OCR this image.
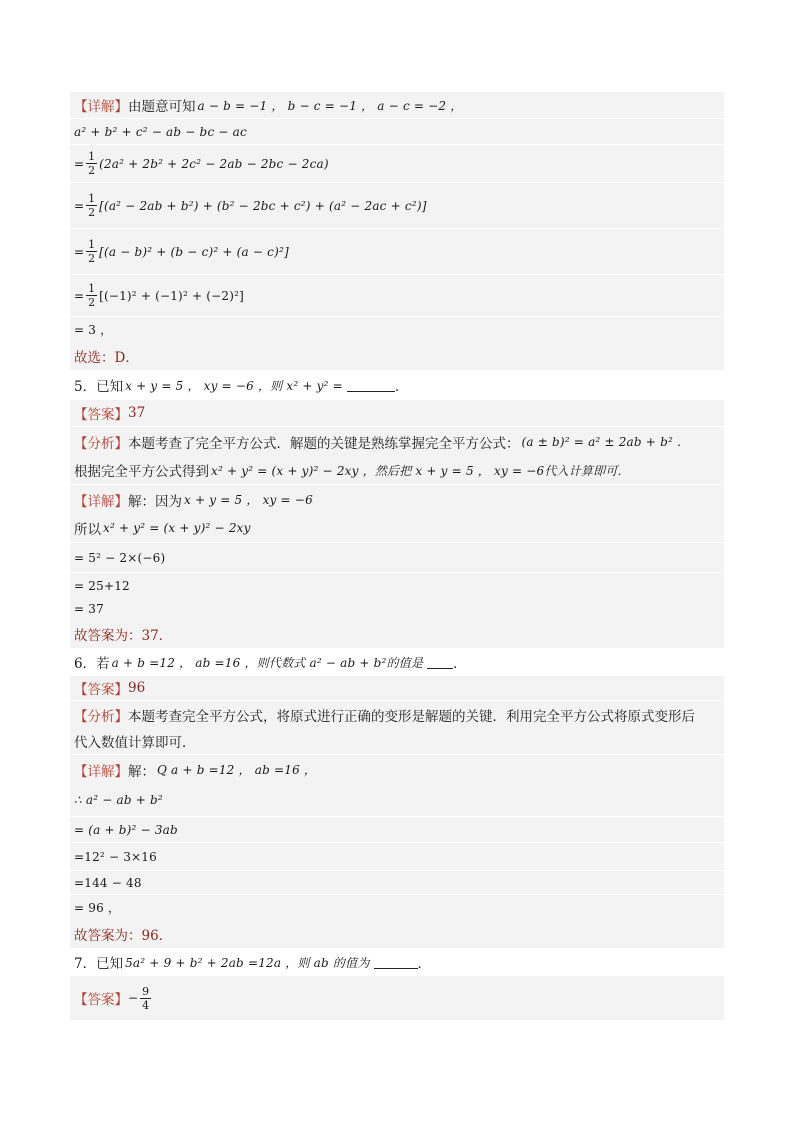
【详解】 由题意可知 a − b = −1 ， b − c = −1 ， a − c = −2 ，
a² + b² + c² − ab − bc − ac
= $\frac{1}{2} (2a^2 + 2b^2 + 2c^2 - 2ab - 2bc - 2ca)$
= $\frac{1}{2} [(a^2 - 2ab + b^2) + (b^2 - 2bc + c^2) + (a^2 - 2ac + c^2)]$
= $\frac{1}{2} [(a - b)^2 + (b - c)^2 + (a - c)^2]$
= $\frac{1}{2} [(-1)^2 + (-1)^2 + (-2)^2]$
= 3 ，
故选：D．
5．已知 x + y = 5 ， xy = −6 ，则 x² + y² =	．
【答案】 37
【分析】 本题考查了完全平方公式．解题的关键是熟练掌握完全平方公式： (a ± b)² = a² ± 2ab + b² ．
根据完全平方公式得到 x² + y² = (x + y)² − 2xy ，然后把 x + y = 5 ， xy = −6代入计算即可．
【详解】 解：因为 x + y = 5 ， xy = −6
所以 x² + y² = (x + y)² − 2xy
= 5² − 2×(−6)
= 25+12
= 37
故答案为：37．
6．若 a + b =12 ， ab =16 ，则代数式 a² − ab + b²的值是 ．
【答案】 96
【分析】 本题考查完全平方公式，将原式进行正确的变形是解题的关键．利用完全平方公式将原式变形后
代入数值计算即可．
【详解】 解： Q a + b =12 ， ab =16 ，
∴ a² − ab + b²
= (a + b)² − 3ab
=12² − 3×16
=144 − 48
= 96 ，
故答案为：96．
7．已知 5a² + 9 + b² + 2ab =12a ，则 ab 的值为	．
【答案】 − $\frac{9}{4}$
